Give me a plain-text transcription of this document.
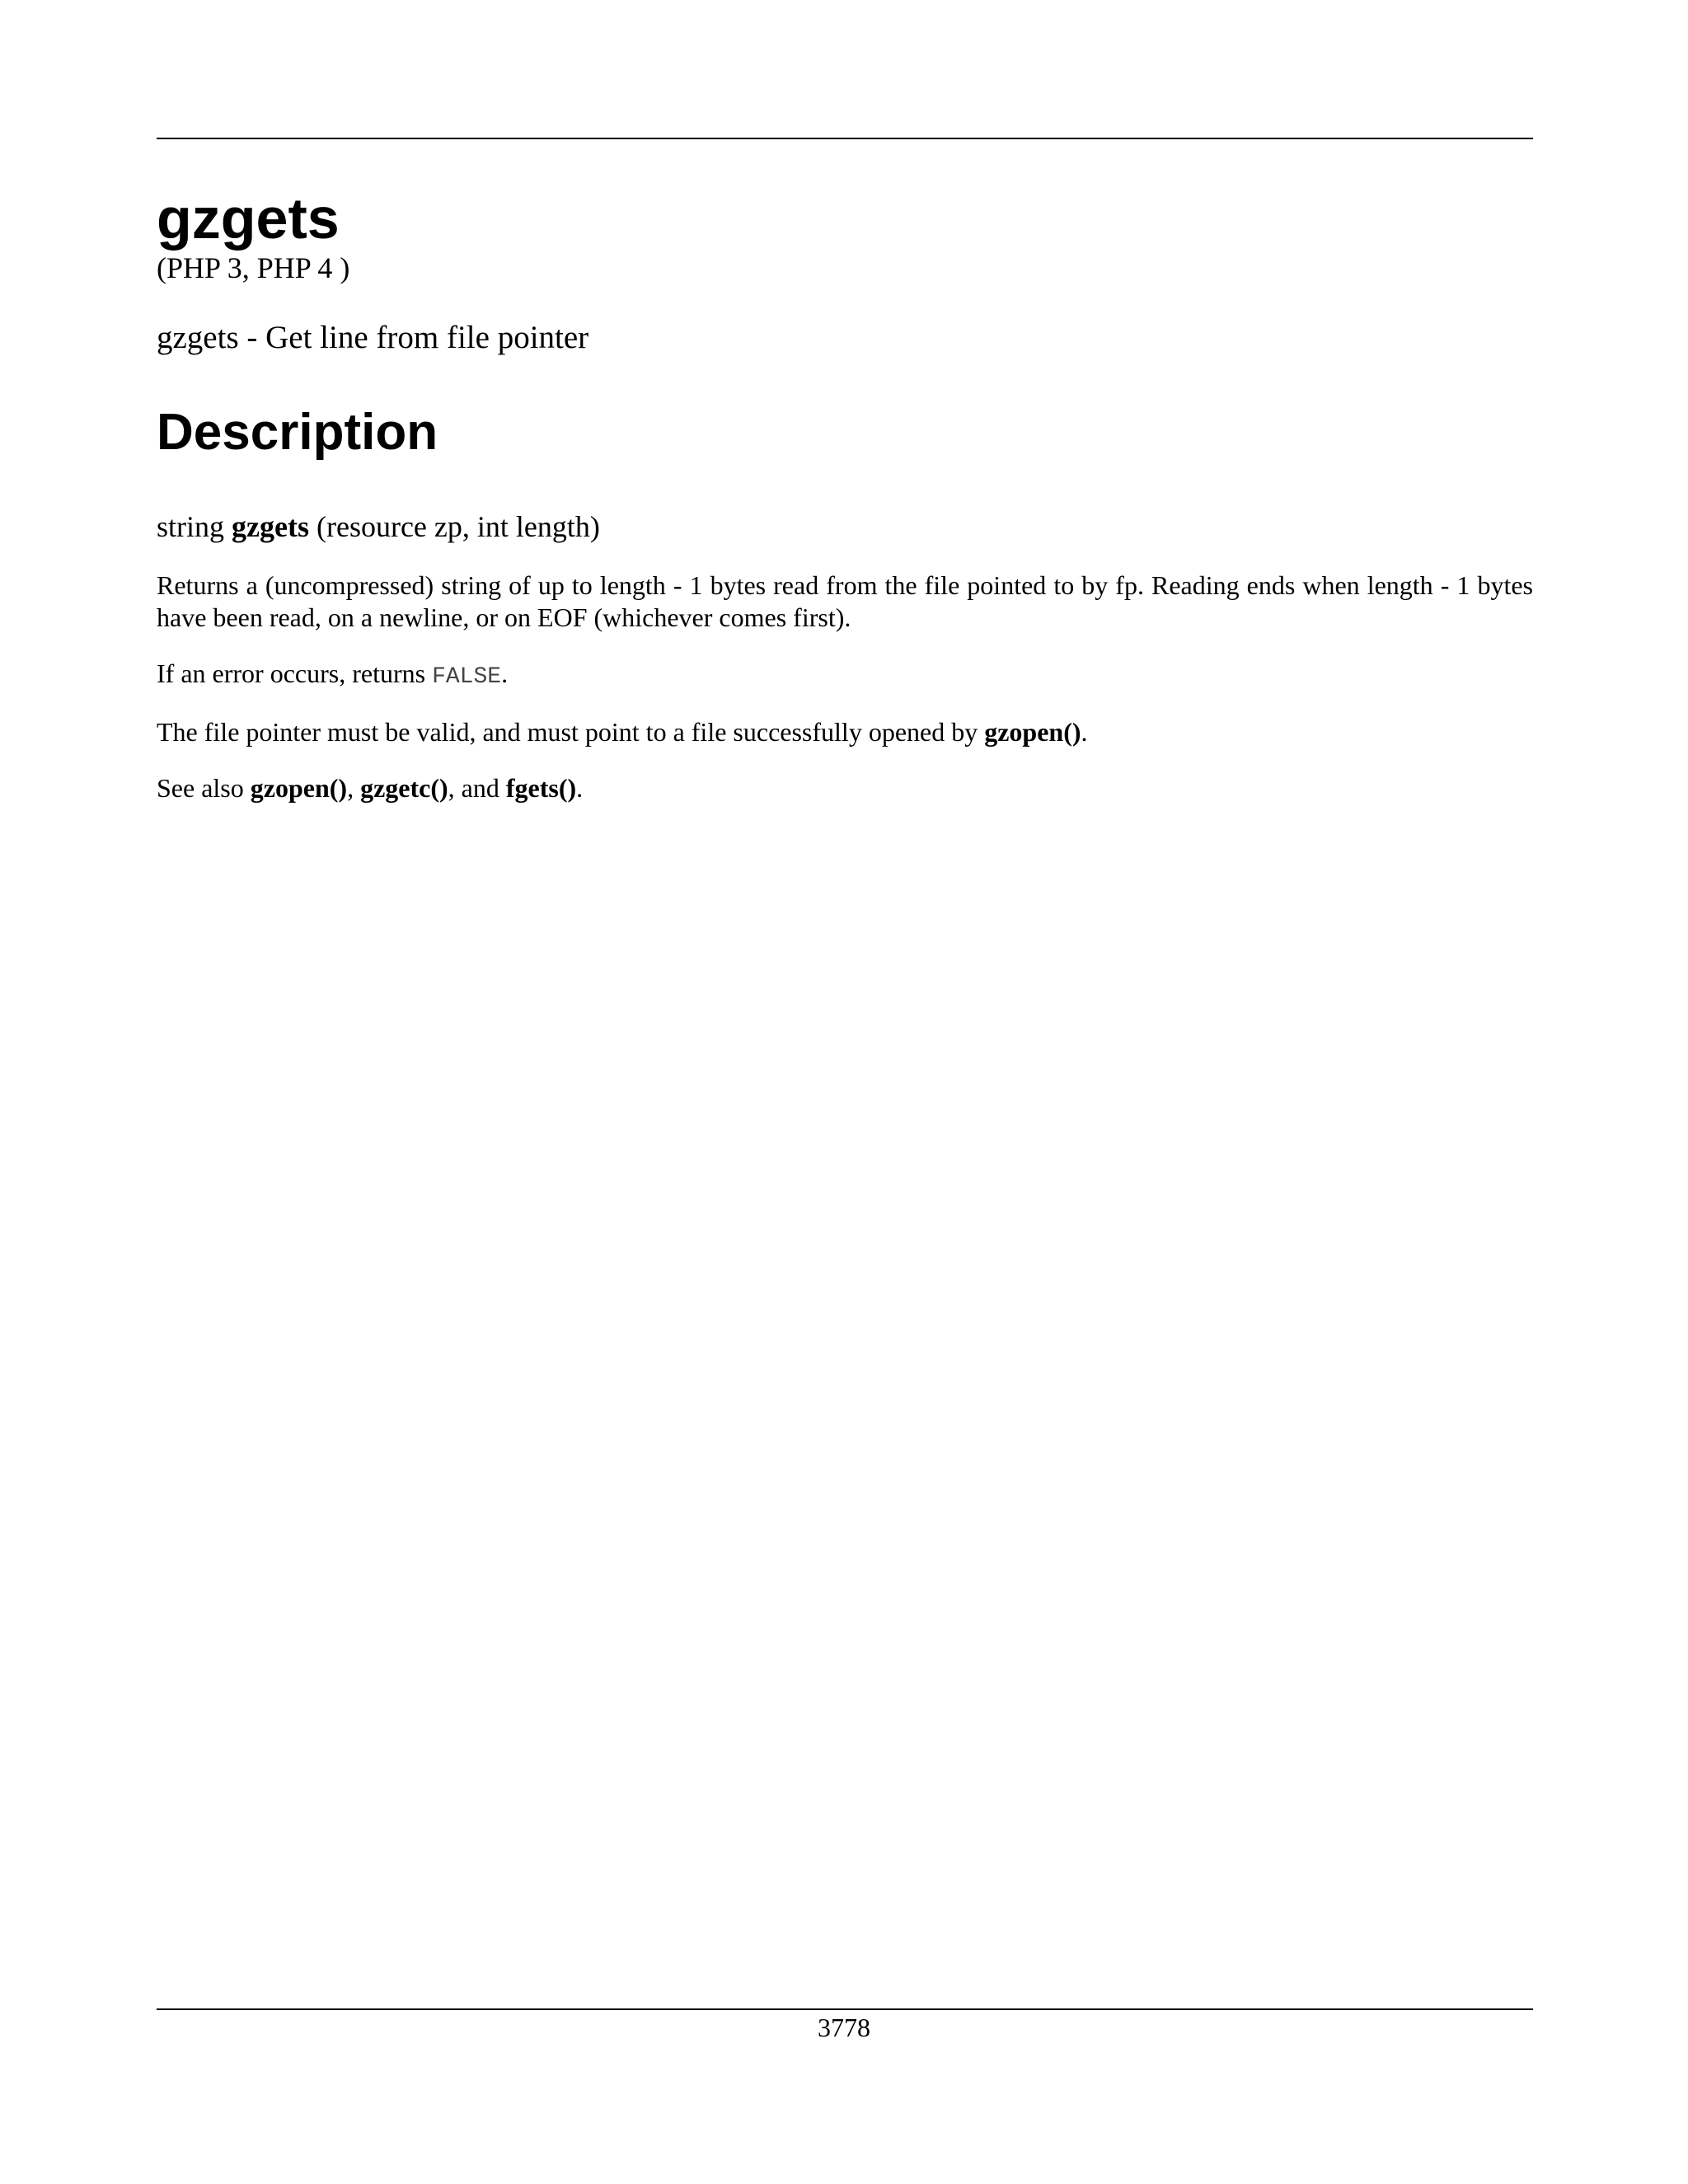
gzgets
(PHP 3, PHP 4 )
gzgets - Get line from file pointer
Description
string gzgets (resource zp, int length)
Returns a (uncompressed) string of up to length - 1 bytes read from the file pointed to by fp. Reading ends when length - 1 bytes have been read, on a newline, or on EOF (whichever comes first).
If an error occurs, returns FALSE.
The file pointer must be valid, and must point to a file successfully opened by gzopen().
See also gzopen(), gzgetc(), and fgets().
3778
